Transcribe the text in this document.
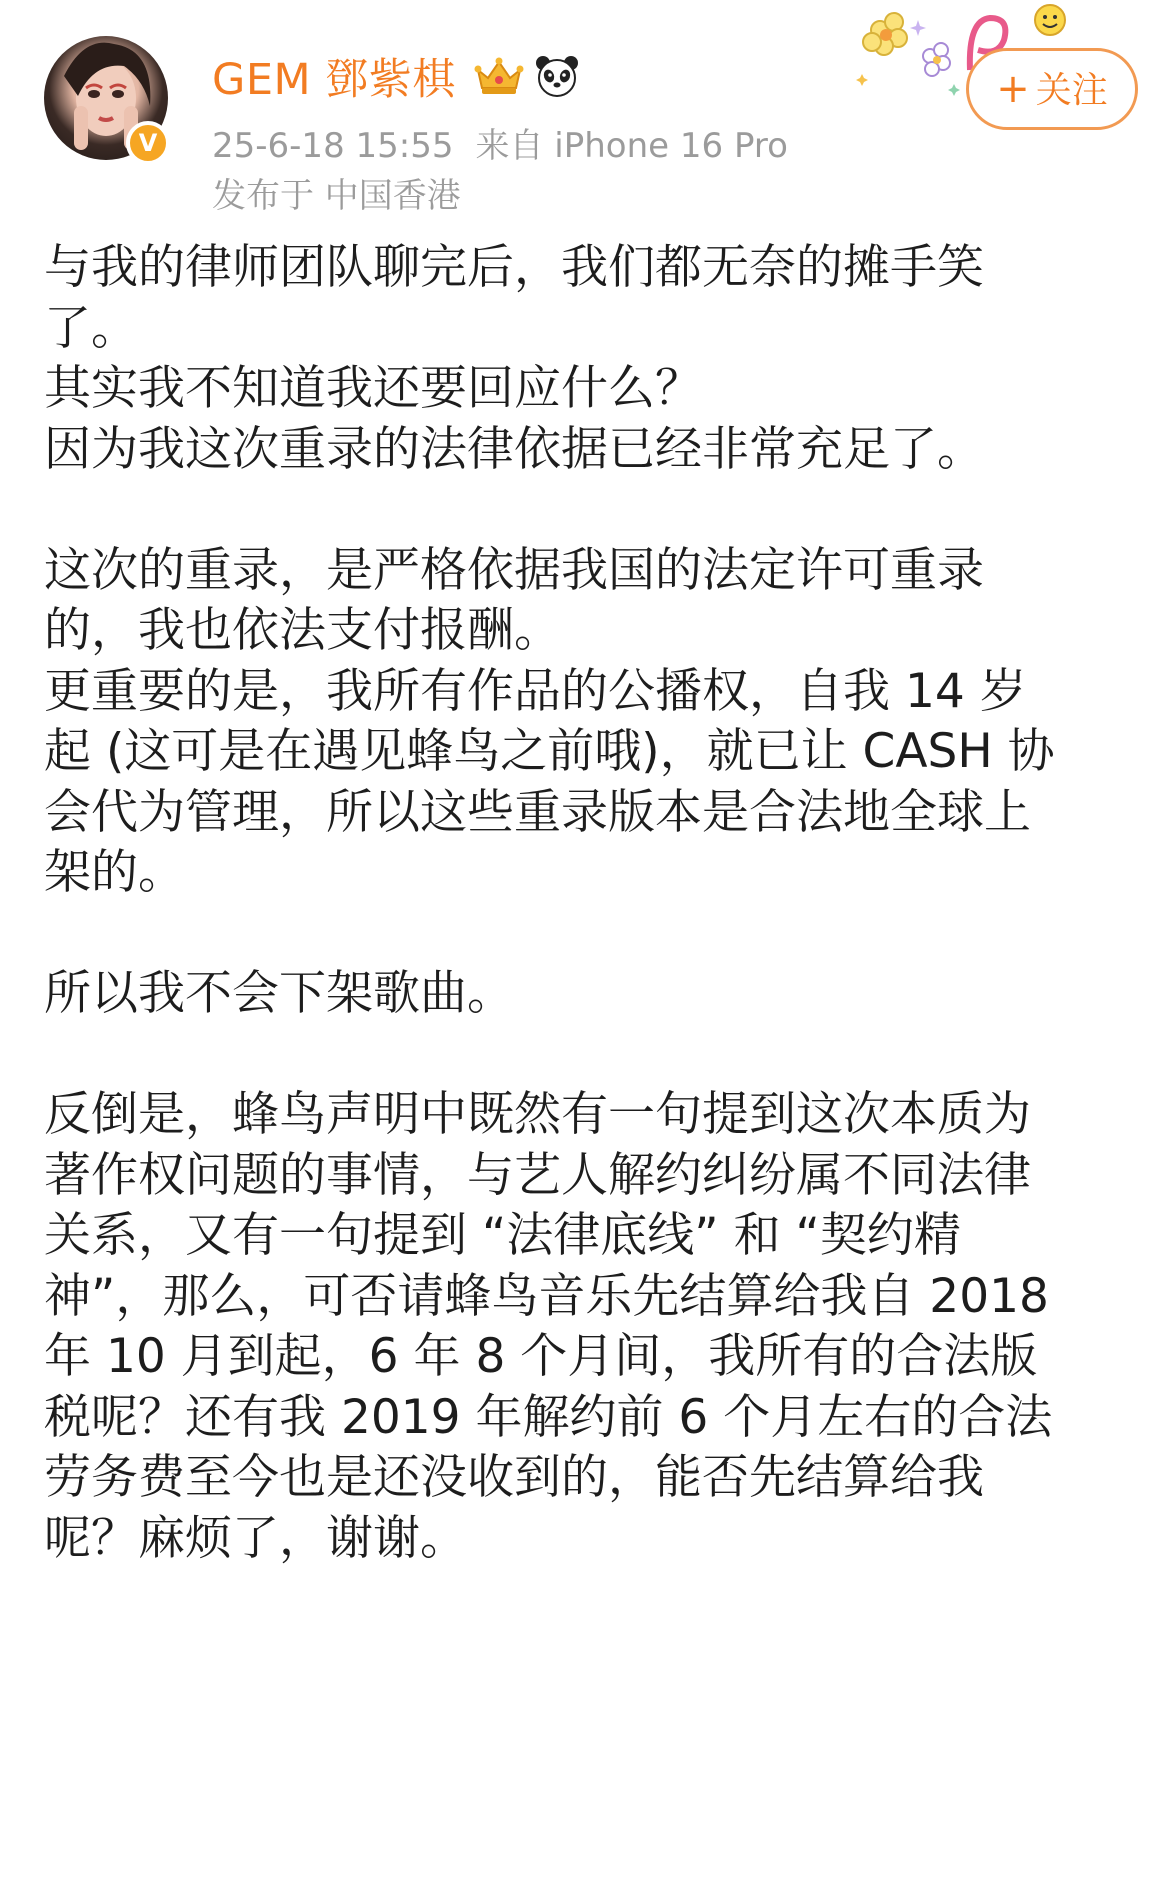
V
GEM 鄧紫棋
25-6-18 15:55 来自 iPhone 16 Pro
发布于 中国香港
+ 关注

与我的律师团队聊完后，我们都无奈的摊手笑

了。

其实我不知道我还要回应什么？

因为我这次重录的法律依据已经非常充足了。

这次的重录，是严格依据我国的法定许可重录

的，我也依法支付报酬。

更重要的是，我所有作品的公播权，自我 14 岁

起 (这可是在遇见蜂鸟之前哦)，就已让 CASH 协

会代为管理，所以这些重录版本是合法地全球上

架的。

所以我不会下架歌曲。

反倒是，蜂鸟声明中既然有一句提到这次本质为

著作权问题的事情，与艺人解约纠纷属不同法律

关系，又有一句提到 “法律底线” 和 “契约精

神”，那么，可否请蜂鸟音乐先结算给我自 2018

年 10 月到起，6 年 8 个月间，我所有的合法版

税呢？还有我 2019 年解约前 6 个月左右的合法

劳务费至今也是还没收到的，能否先结算给我

呢？麻烦了，谢谢。
